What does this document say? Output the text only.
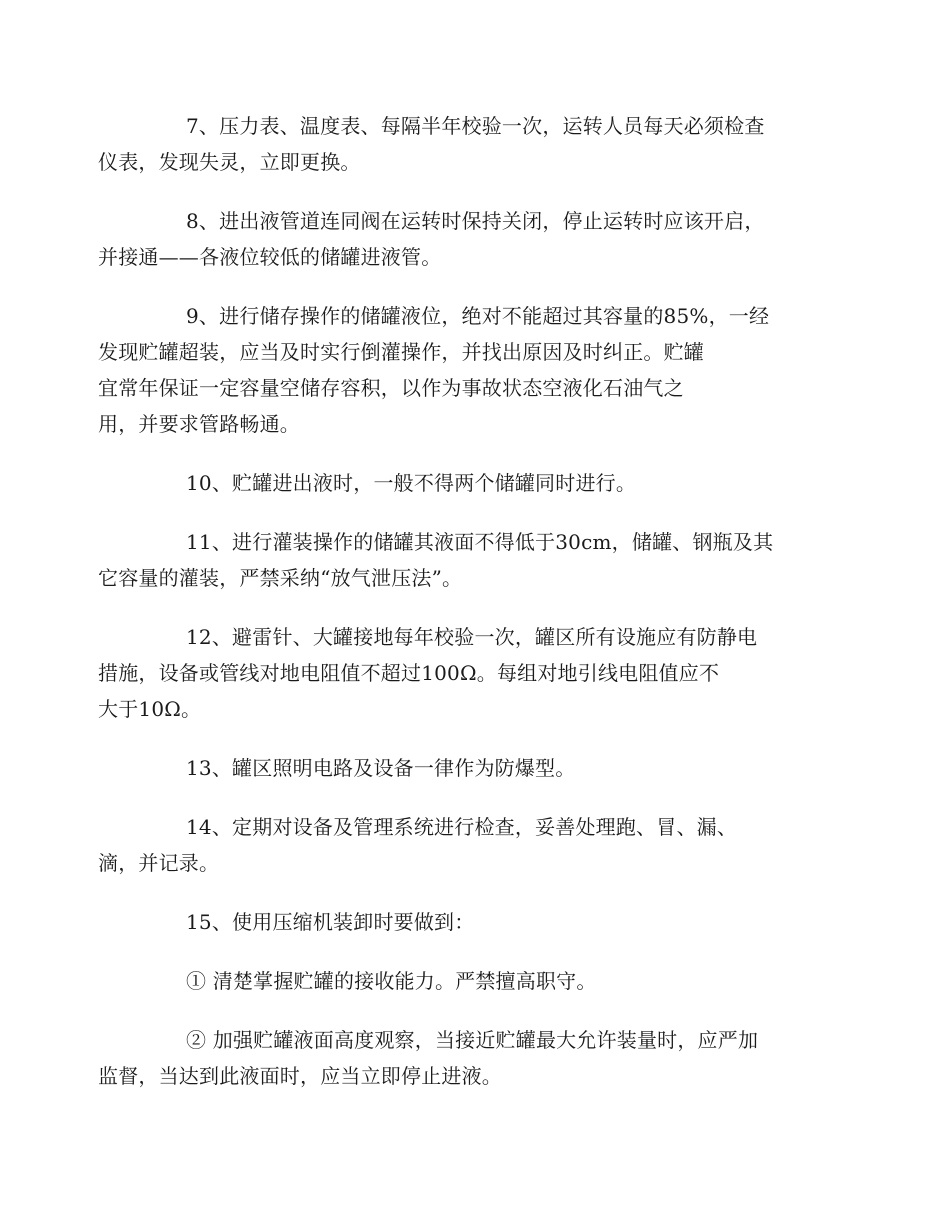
7、压力表、温度表、每隔半年校验一次，运转人员每天必须检查
仪表，发现失灵，立即更换。

8、进出液管道连同阀在运转时保持关闭，停止运转时应该开启，
并接通——各液位较低的储罐进液管。

9、进行储存操作的储罐液位，绝对不能超过其容量的85%，一经
发现贮罐超装，应当及时实行倒灌操作，并找出原因及时纠正。贮罐
宜常年保证一定容量空储存容积，以作为事故状态空液化石油气之
用，并要求管路畅通。

10、贮罐进出液时，一般不得两个储罐同时进行。

11、进行灌装操作的储罐其液面不得低于30cm，储罐、钢瓶及其
它容量的灌装，严禁采纳“放气泄压法”。

12、避雷针、大罐接地每年校验一次，罐区所有设施应有防静电
措施，设备或管线对地电阻值不超过100Ω。每组对地引线电阻值应不
大于10Ω。

13、罐区照明电路及设备一律作为防爆型。

14、定期对设备及管理系统进行检查，妥善处理跑、冒、漏、
滴，并记录。

15、使用压缩机装卸时要做到：

① 清楚掌握贮罐的接收能力。严禁擅高职守。

② 加强贮罐液面高度观察，当接近贮罐最大允许装量时，应严加
监督，当达到此液面时，应当立即停止进液。
